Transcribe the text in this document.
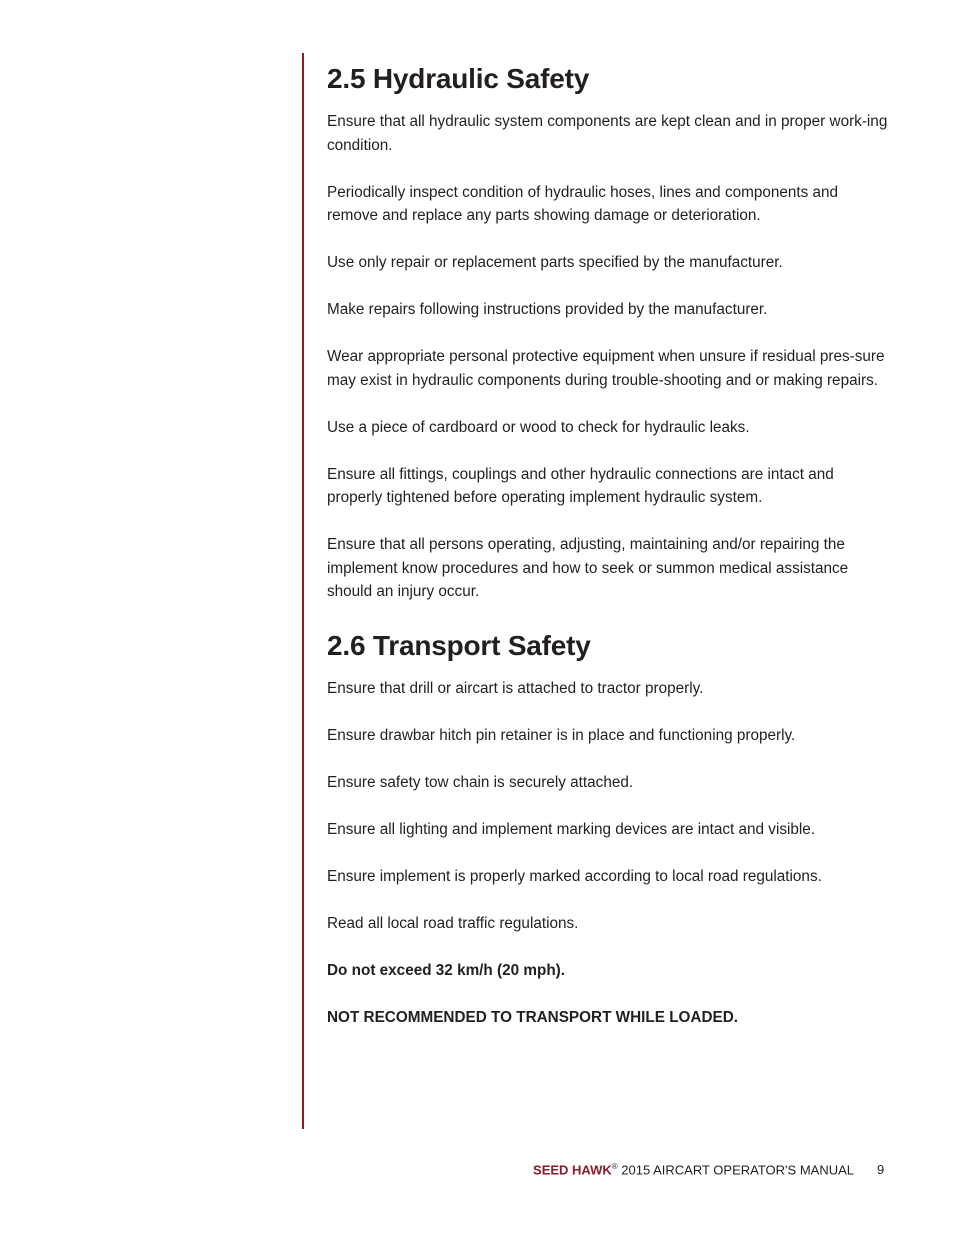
2.5 Hydraulic Safety

Ensure that all hydraulic system components are kept clean and in proper work-ing condition.

Periodically inspect condition of hydraulic hoses, lines and components and remove and replace any parts showing damage or deterioration.

Use only repair or replacement parts specified by the manufacturer.

Make repairs following instructions provided by the manufacturer.

Wear appropriate personal protective equipment when unsure if residual pres-sure may exist in hydraulic components during trouble-shooting and or making repairs.

Use a piece of cardboard or wood to check for hydraulic leaks.

Ensure all fittings, couplings and other hydraulic connections are intact and properly tightened before operating implement hydraulic system.

Ensure that all persons operating, adjusting, maintaining and/or repairing the implement know procedures and how to seek or summon medical assistance should an injury occur.

2.6 Transport Safety

Ensure that drill or aircart is attached to tractor properly.

Ensure drawbar hitch pin retainer is in place and functioning properly.

Ensure safety tow chain is securely attached.

Ensure all lighting and implement marking devices are intact and visible.

Ensure implement is properly marked according to local road regulations.

Read all local road traffic regulations.

Do not exceed 32 km/h (20 mph).

NOT RECOMMENDED TO TRANSPORT WHILE LOADED.

SEED HAWK® 2015 AIRCART OPERATOR'S MANUAL 9
